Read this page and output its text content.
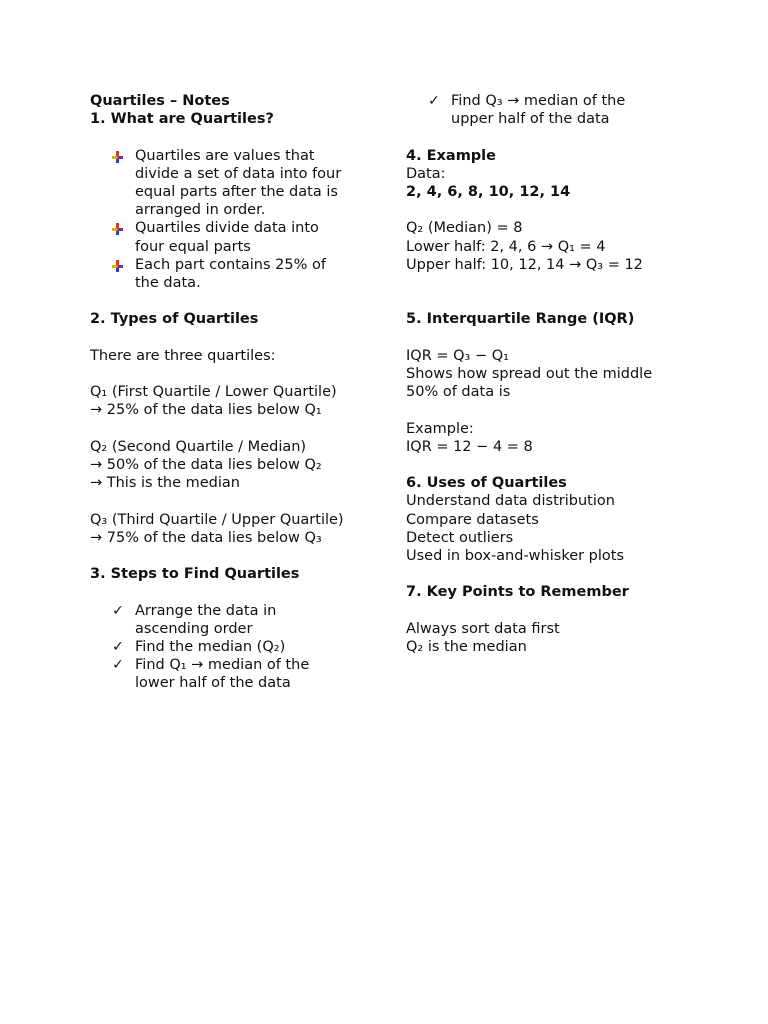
Quartiles – Notes
1. What are Quartiles?
Quartiles are values that
divide a set of data into four
equal parts after the data is
arranged in order.
Quartiles divide data into
four equal parts
Each part contains 25% of
the data.
2. Types of Quartiles
There are three quartiles:
Q₁ (First Quartile / Lower Quartile)
→ 25% of the data lies below Q₁
Q₂ (Second Quartile / Median)
→ 50% of the data lies below Q₂
→ This is the median
Q₃ (Third Quartile / Upper Quartile)
→ 75% of the data lies below Q₃
3. Steps to Find Quartiles
✓ Arrange the data in
ascending order
✓ Find the median (Q₂)
✓ Find Q₁ → median of the
lower half of the data
✓ Find Q₃ → median of the
upper half of the data
4. Example
Data:
2, 4, 6, 8, 10, 12, 14
Q₂ (Median) = 8
Lower half: 2, 4, 6 → Q₁ = 4
Upper half: 10, 12, 14 → Q₃ = 12
5. Interquartile Range (IQR)
IQR = Q₃ − Q₁
Shows how spread out the middle
50% of data is
Example:
IQR = 12 − 4 = 8
6. Uses of Quartiles
Understand data distribution
Compare datasets
Detect outliers
Used in box-and-whisker plots
7. Key Points to Remember
Always sort data first
Q₂ is the median
